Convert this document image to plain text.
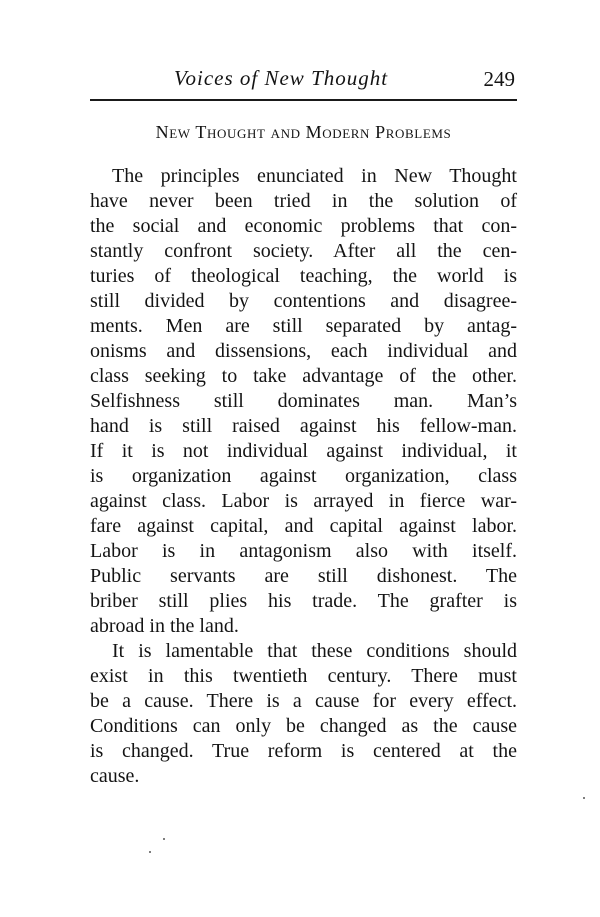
Voices of New Thought	249
New Thought and Modern Problems
The principles enunciated in New Thought
have never been tried in the solution of
the social and economic problems that con-
stantly confront society. After all the cen-
turies of theological teaching, the world is
still divided by contentions and disagree-
ments. Men are still separated by antag-
onisms and dissensions, each individual and
class seeking to take advantage of the other.
Selfishness still dominates man. Man’s
hand is still raised against his fellow-man.
If it is not individual against individual, it
is organization against organization, class
against class. Labor is arrayed in fierce war-
fare against capital, and capital against labor.
Labor is in antagonism also with itself.
Public servants are still dishonest. The
briber still plies his trade. The grafter is
abroad in the land.
It is lamentable that these conditions should
exist in this twentieth century. There must
be a cause. There is a cause for every effect.
Conditions can only be changed as the cause
is changed. True reform is centered at the
cause.
